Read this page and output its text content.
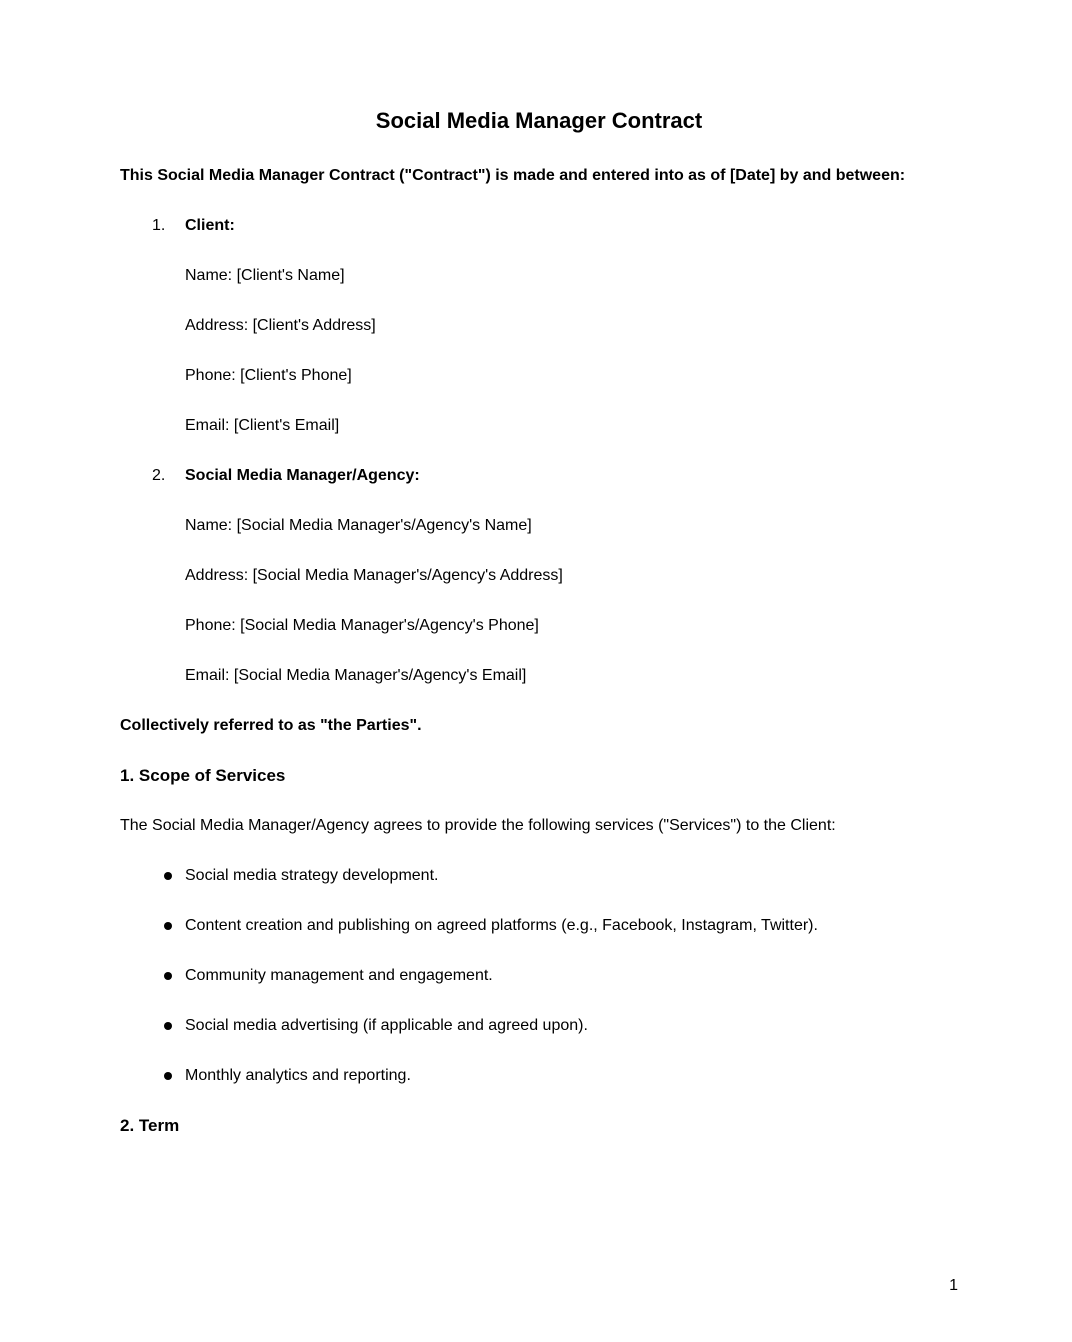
Social Media Manager Contract

This Social Media Manager Contract ("Contract") is made and entered into as of [Date] by and between:

1.	Client:

Name: [Client's Name]

Address: [Client's Address]

Phone: [Client's Phone]

Email: [Client's Email]

2.	Social Media Manager/Agency:

Name: [Social Media Manager's/Agency's Name]

Address: [Social Media Manager's/Agency's Address]

Phone: [Social Media Manager's/Agency's Phone]

Email: [Social Media Manager's/Agency's Email]

Collectively referred to as "the Parties".

1. Scope of Services

The Social Media Manager/Agency agrees to provide the following services ("Services") to the Client:

Social media strategy development.
Content creation and publishing on agreed platforms (e.g., Facebook, Instagram, Twitter).
Community management and engagement.
Social media advertising (if applicable and agreed upon).
Monthly analytics and reporting.
2. Term
1
